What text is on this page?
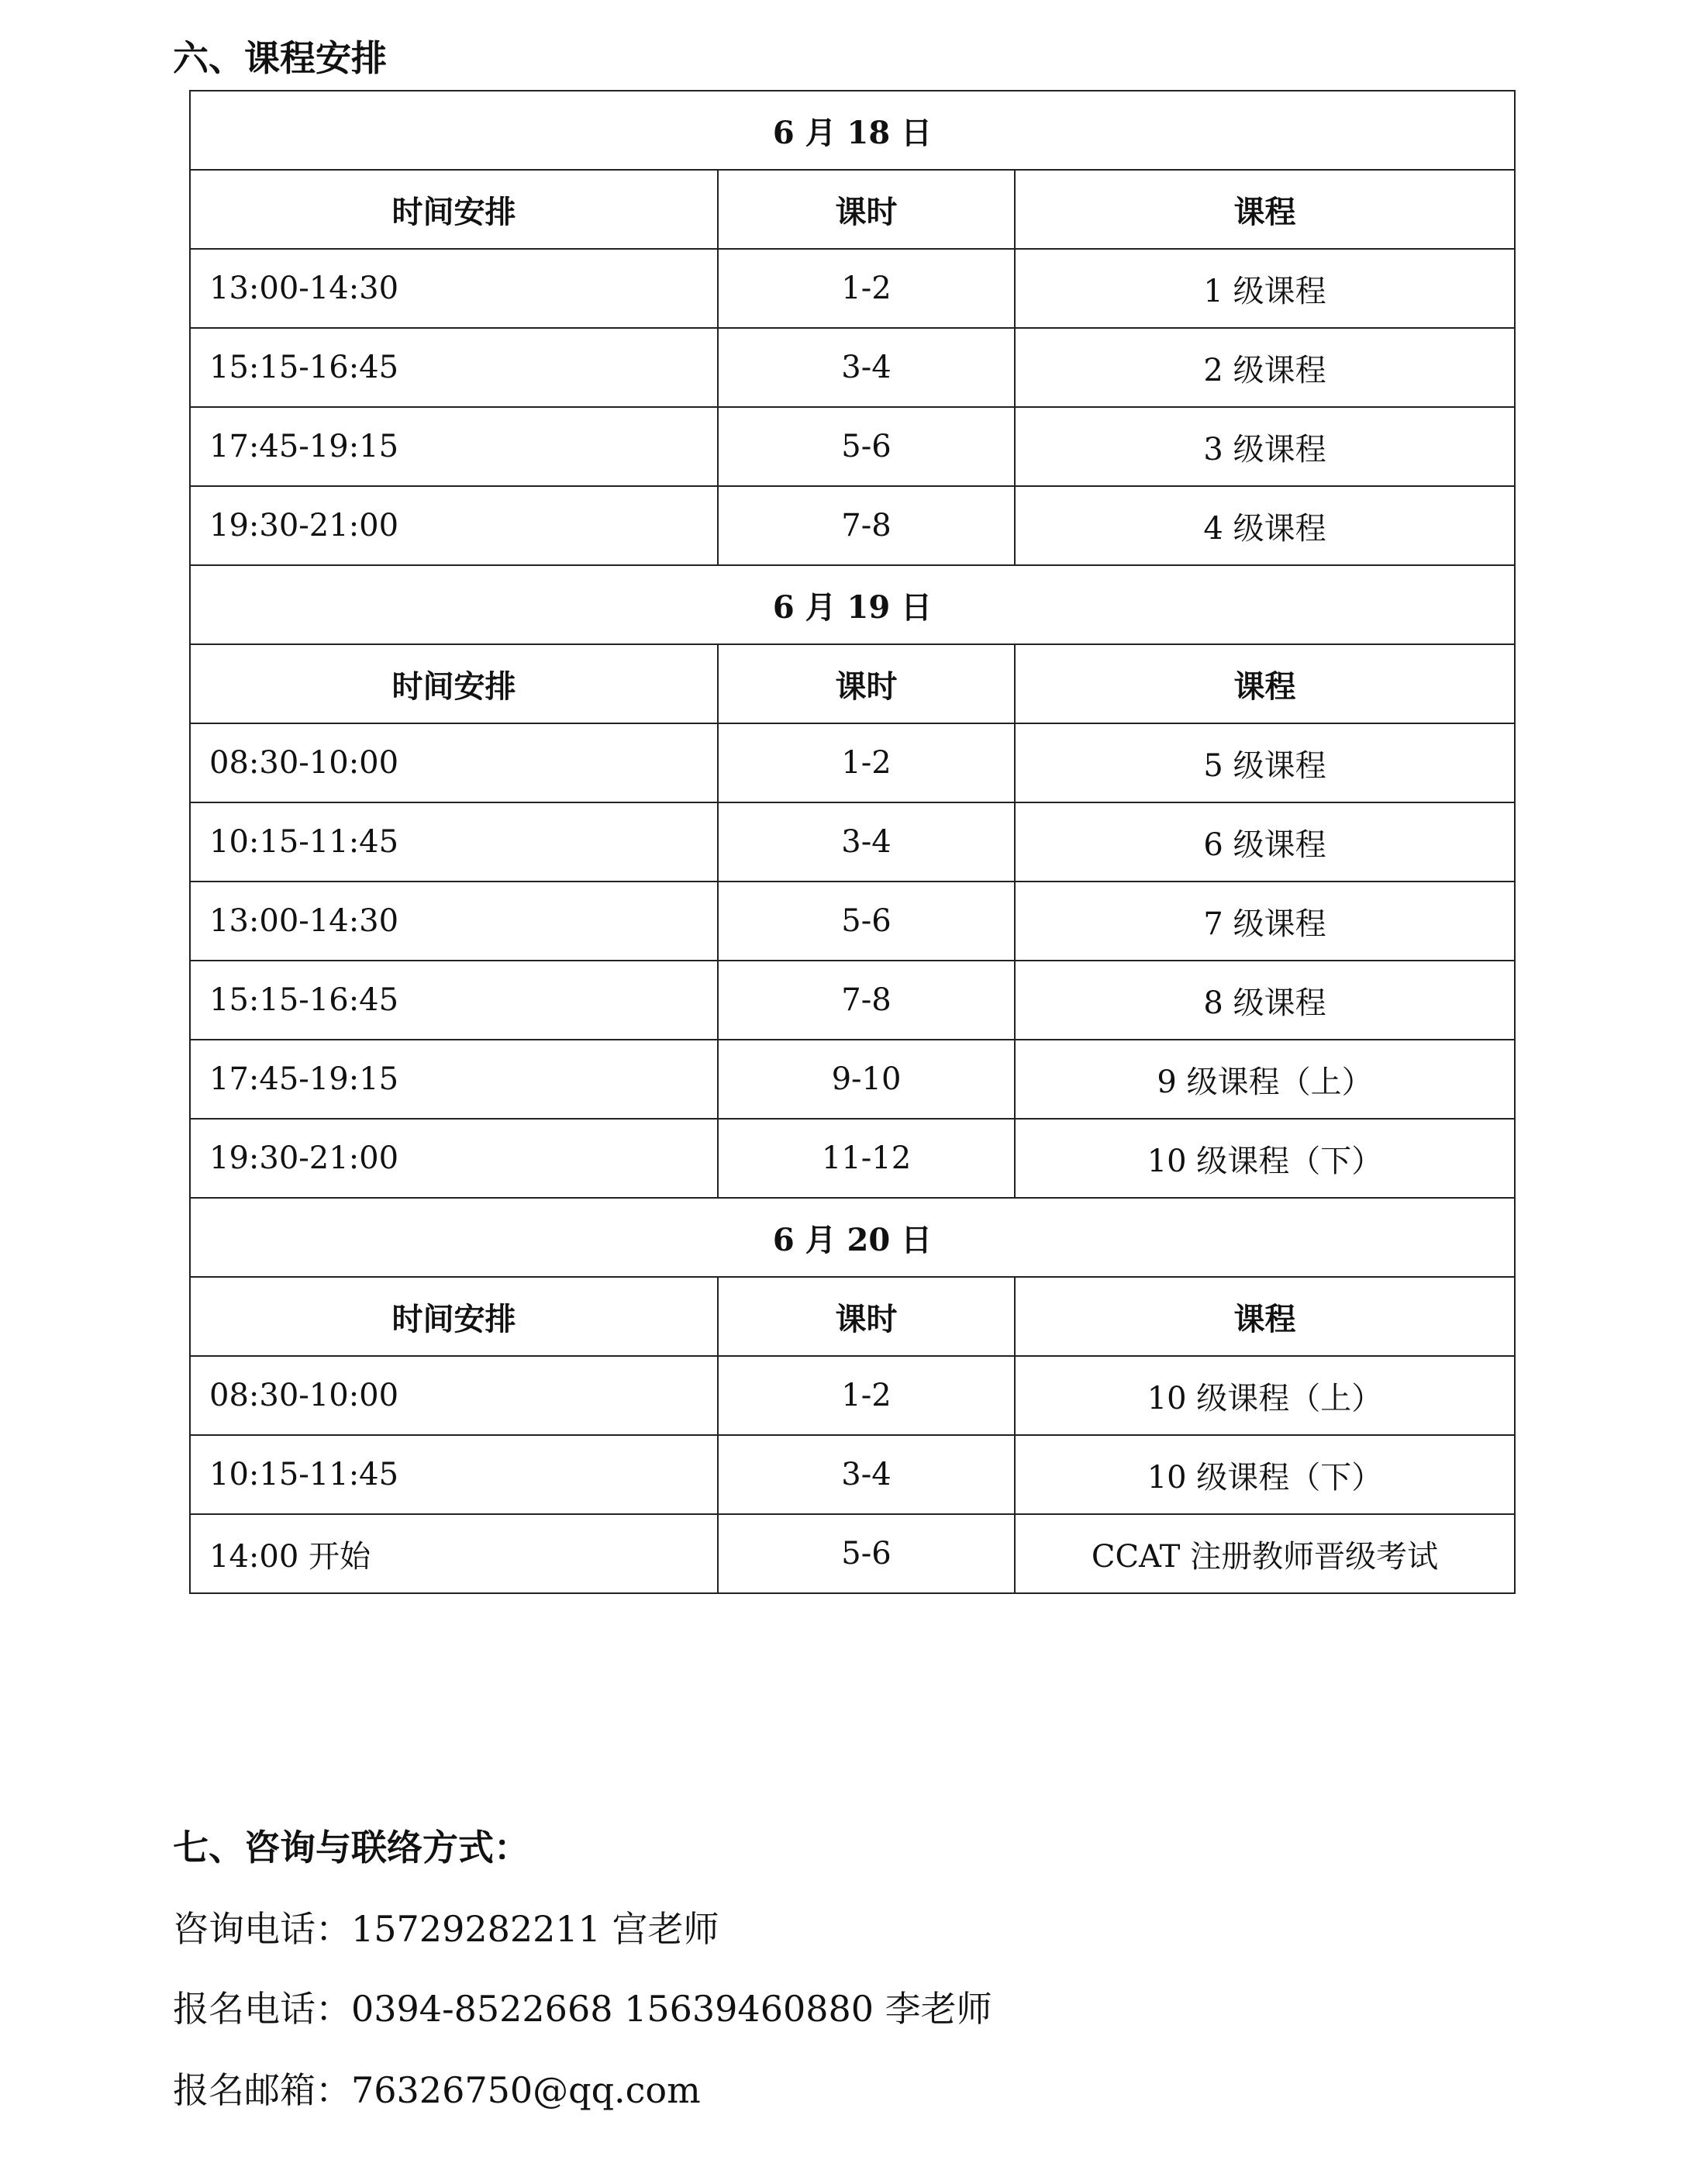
六、课程安排
6 月 18 日		
时间安排	课时	课程
13:00-14:30	1-2	1 级课程
15:15-16:45	3-4	2 级课程
17:45-19:15	5-6	3 级课程
19:30-21:00	7-8	4 级课程
6 月 19 日		
时间安排	课时	课程
08:30-10:00	1-2	5 级课程
10:15-11:45	3-4	6 级课程
13:00-14:30	5-6	7 级课程
15:15-16:45	7-8	8 级课程
17:45-19:15	9-10	9 级课程（上）
19:30-21:00	11-12	10 级课程（下）
6 月 20 日		
时间安排	课时	课程
08:30-10:00	1-2	10 级课程（上）
10:15-11:45	3-4	10 级课程（下）
14:00 开始	5-6	CCAT 注册教师晋级考试
七、咨询与联络方式：
咨询电话：15729282211 宫老师
报名电话：0394-8522668 15639460880 李老师
报名邮箱：76326750@qq.com
